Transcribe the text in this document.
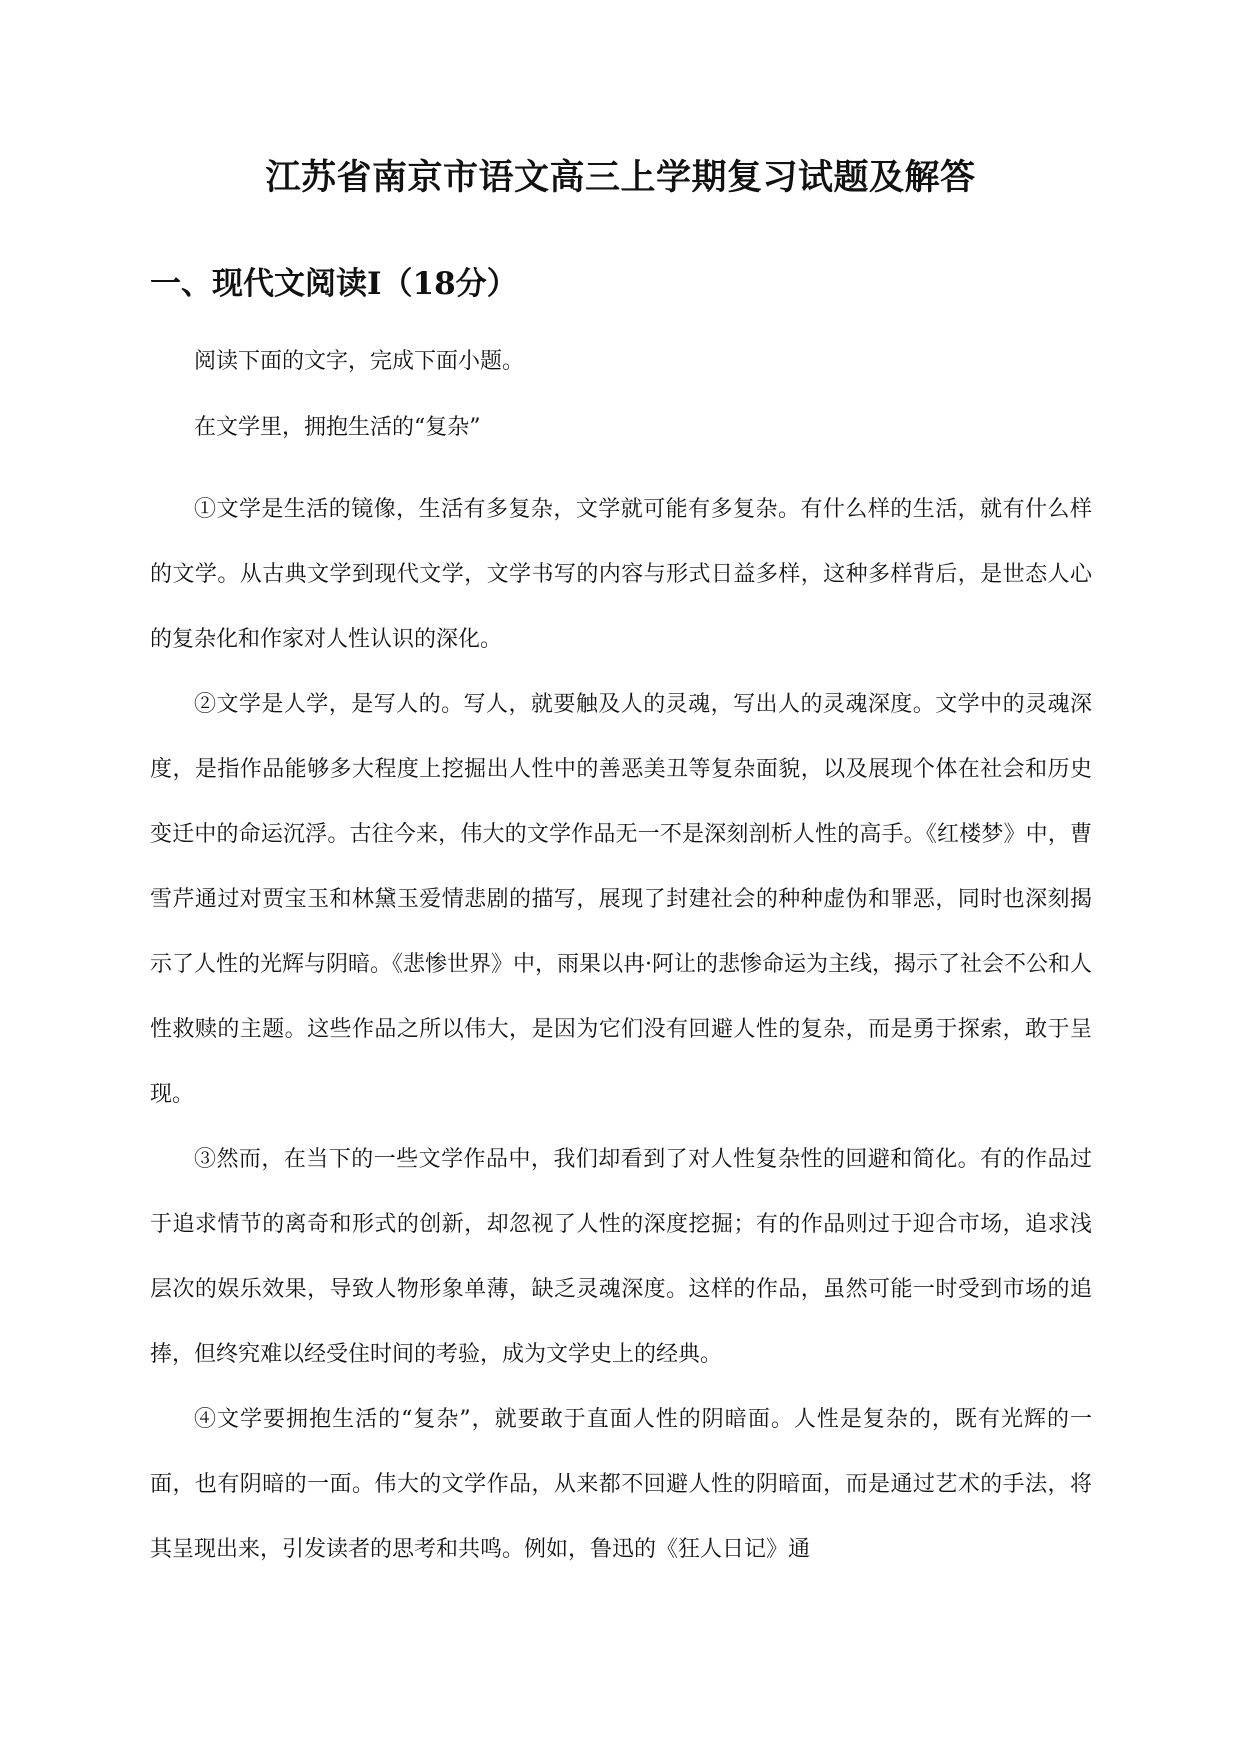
江苏省南京市语文高三上学期复习试题及解答
一、现代文阅读Ⅰ（18分）

阅读下面的文字，完成下面小题。

在文学里，拥抱生活的“复杂”

①文学是生活的镜像，生活有多复杂，文学就可能有多复杂。有什么样的生活，就有什么样的文学。从古典文学到现代文学，文学书写的内容与形式日益多样，这种多样背后，是世态人心的复杂化和作家对人性认识的深化。

②文学是人学，是写人的。写人，就要触及人的灵魂，写出人的灵魂深度。文学中的灵魂深度，是指作品能够多大程度上挖掘出人性中的善恶美丑等复杂面貌，以及展现个体在社会和历史变迁中的命运沉浮。古往今来，伟大的文学作品无一不是深刻剖析人性的高手。《红楼梦》中，曹雪芹通过对贾宝玉和林黛玉爱情悲剧的描写，展现了封建社会的种种虚伪和罪恶，同时也深刻揭示了人性的光辉与阴暗。《悲惨世界》中，雨果以冉·阿让的悲惨命运为主线，揭示了社会不公和人性救赎的主题。这些作品之所以伟大，是因为它们没有回避人性的复杂，而是勇于探索，敢于呈现。

③然而，在当下的一些文学作品中，我们却看到了对人性复杂性的回避和简化。有的作品过于追求情节的离奇和形式的创新，却忽视了人性的深度挖掘；有的作品则过于迎合市场，追求浅层次的娱乐效果，导致人物形象单薄，缺乏灵魂深度。这样的作品，虽然可能一时受到市场的追捧，但终究难以经受住时间的考验，成为文学史上的经典。

④文学要拥抱生活的“复杂”，就要敢于直面人性的阴暗面。人性是复杂的，既有光辉的一面，也有阴暗的一面。伟大的文学作品，从来都不回避人性的阴暗面，而是通过艺术的手法，将其呈现出来，引发读者的思考和共鸣。例如，鲁迅的《狂人日记》通
